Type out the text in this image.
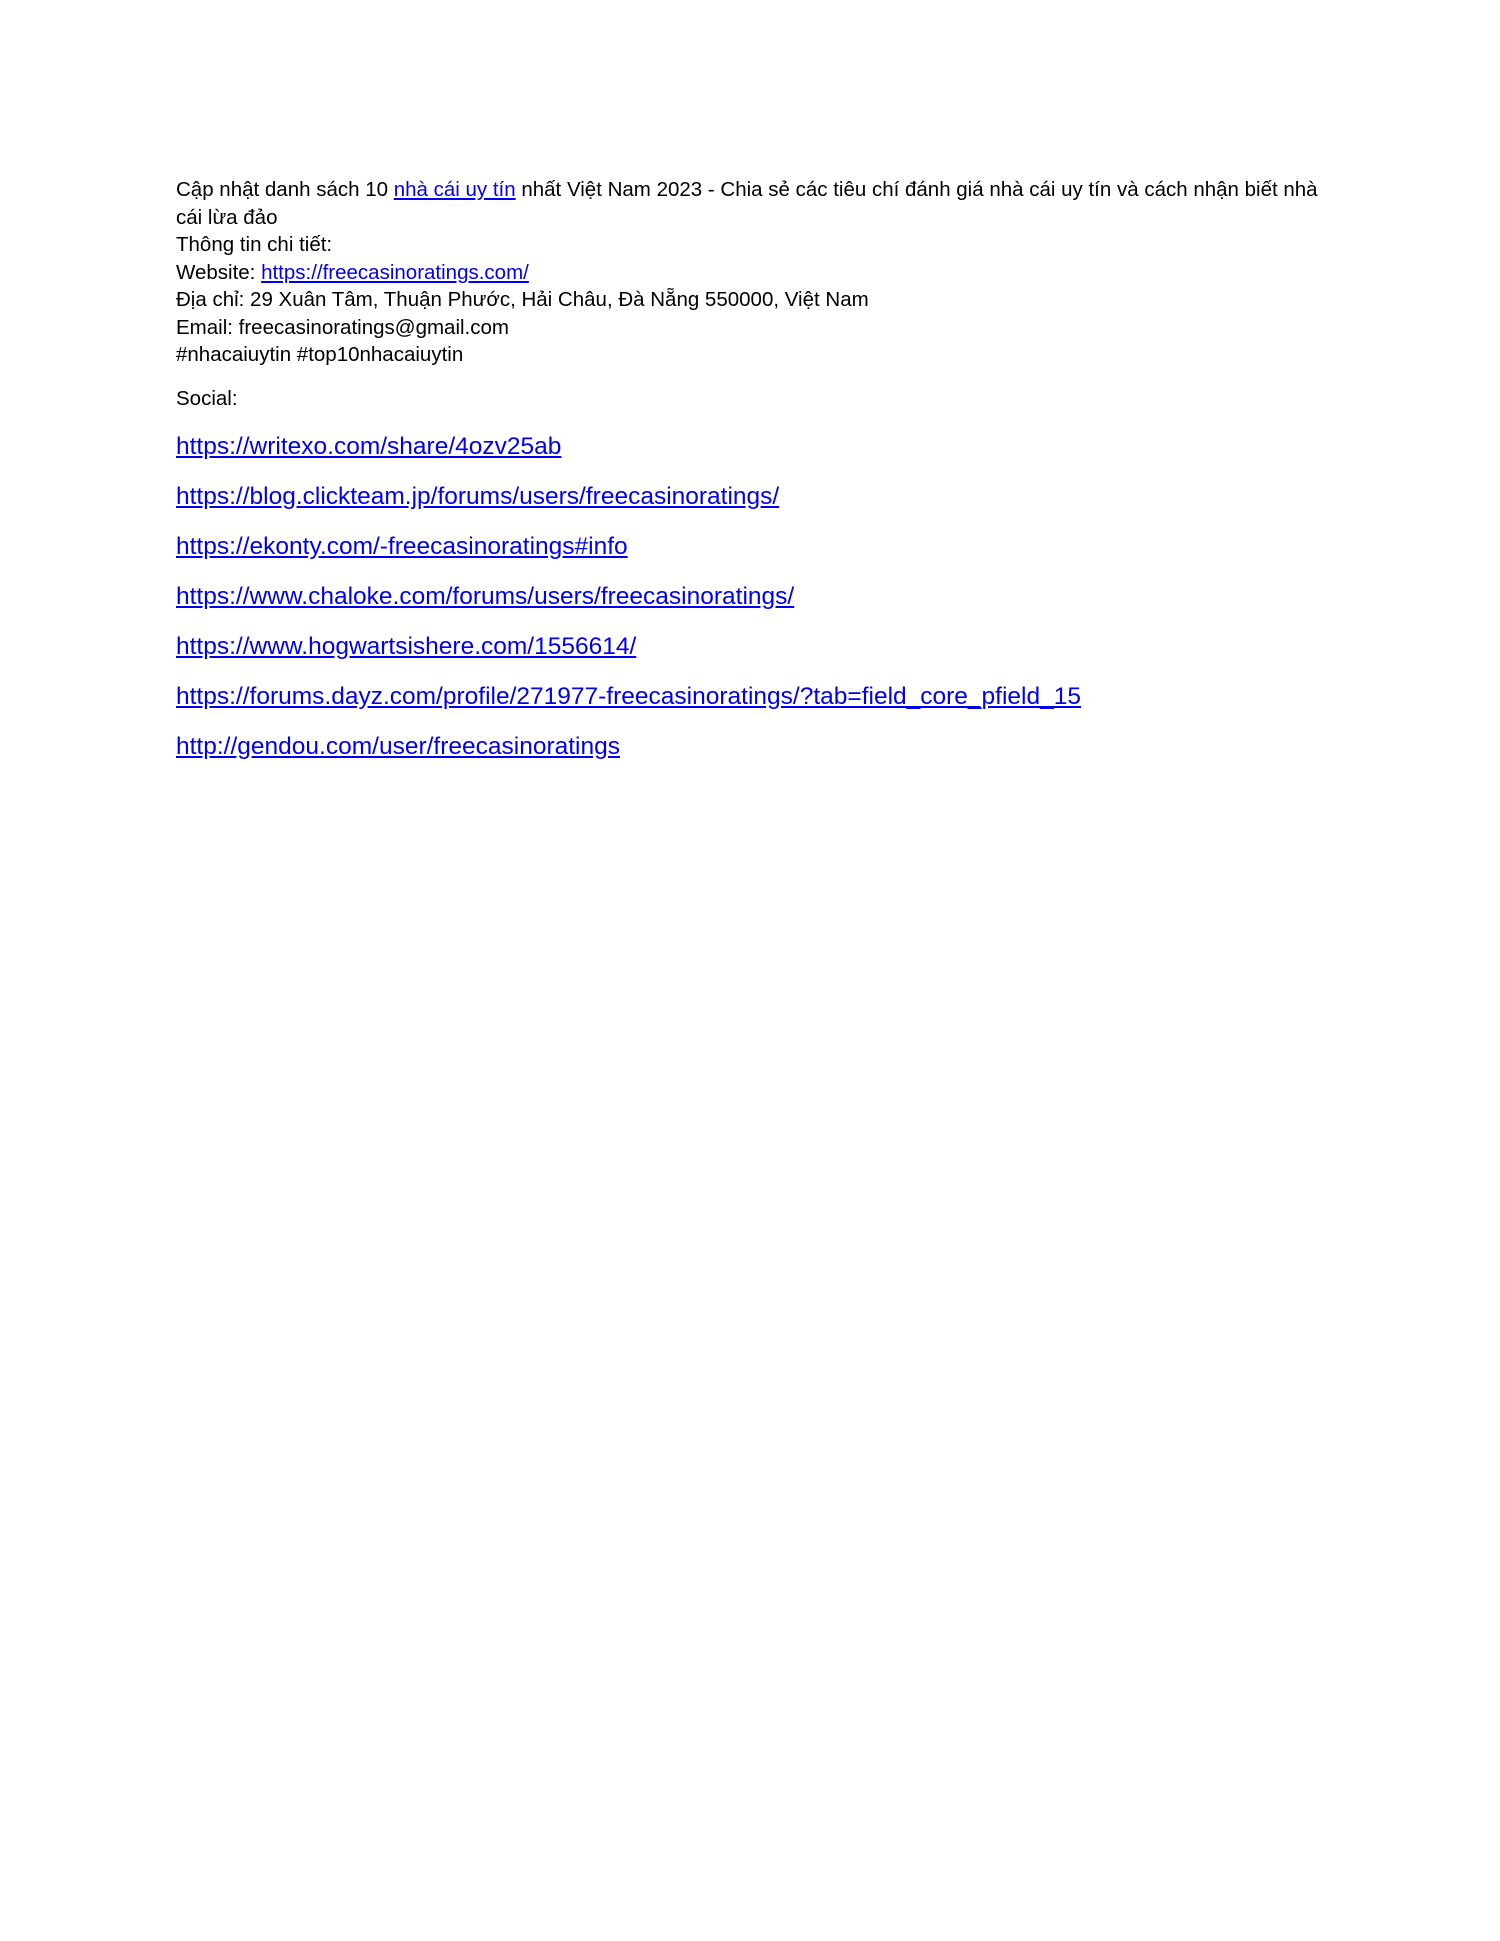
Cập nhật danh sách 10 nhà cái uy tín nhất Việt Nam 2023 - Chia sẻ các tiêu chí đánh giá nhà cái uy tín và cách nhận biết nhà cái lừa đảo
Thông tin chi tiết:
Website: https://freecasinoratings.com/
Địa chỉ: 29 Xuân Tâm, Thuận Phước, Hải Châu, Đà Nẵng 550000, Việt Nam
Email: freecasinoratings@gmail.com
#nhacaiuytin #top10nhacaiuytin
Social:
https://writexo.com/share/4ozv25ab
https://blog.clickteam.jp/forums/users/freecasinoratings/
https://ekonty.com/-freecasinoratings#info
https://www.chaloke.com/forums/users/freecasinoratings/
https://www.hogwartsishere.com/1556614/
https://forums.dayz.com/profile/271977-freecasinoratings/?tab=field_core_pfield_15
http://gendou.com/user/freecasinoratings
